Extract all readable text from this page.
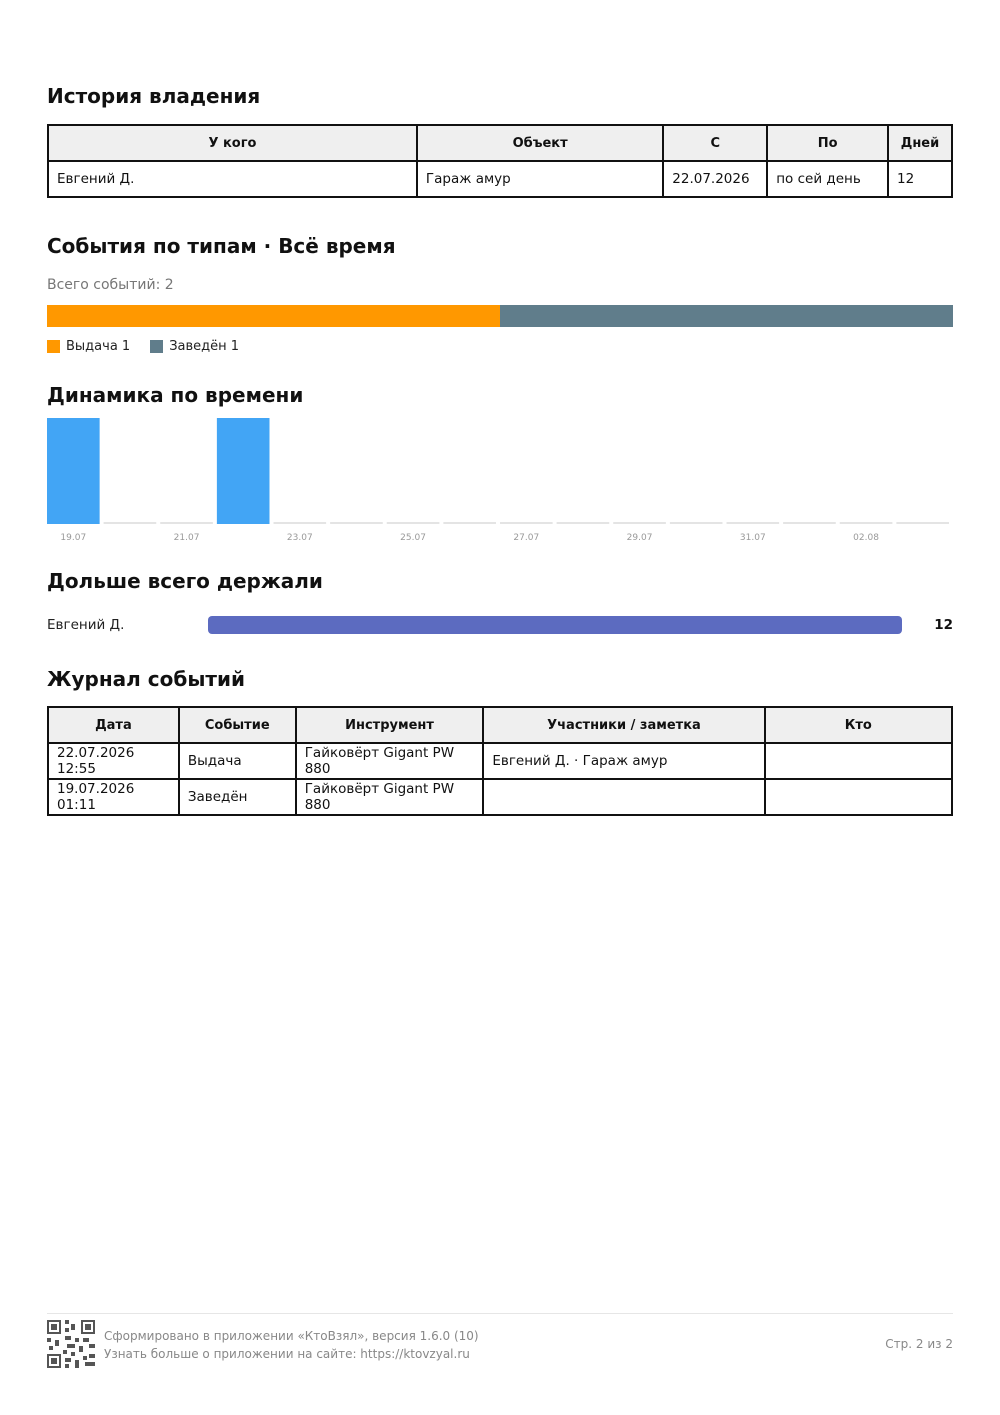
История владения
У кого	Объект	С	По	Дней
Евгений Д.	Гараж амур	22.07.2026	по сей день	12
События по типам · Всё время
Всего событий: 2
Выдача 1	Заведён 1
Динамика по времени
19.07	21.07	23.07	25.07	27.07	29.07	31.07	02.08
Дольше всего держали
Евгений Д.	12
Журнал событий
Дата	Событие	Инструмент	Участники / заметка	Кто
22.07.2026 12:55	Выдача	Гайковёрт Gigant PW 880	Евгений Д. · Гараж амур	
19.07.2026 01:11	Заведён	Гайковёрт Gigant PW 880		
Сформировано в приложении «КтоВзял», версия 1.6.0 (10)
Узнать больше о приложении на сайте: https://ktovzyal.ru
Стр. 2 из 2
